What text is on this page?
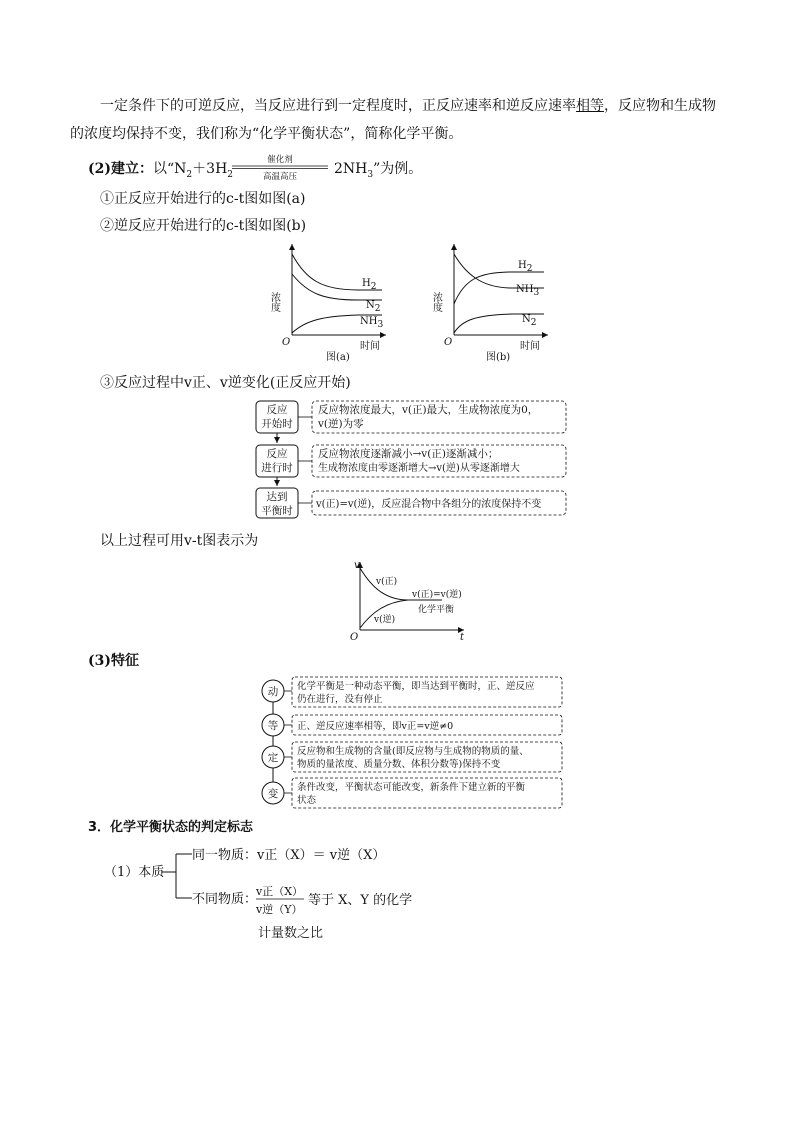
一定条件下的可逆反应，当反应进行到一定程度时，正反应速率和逆反应速率相等，反应物和生成物
的浓度均保持不变，我们称为“化学平衡状态”，简称化学平衡。
(2)建立：以“$N_2+3H_2$
催化剂
高温高压	$2NH_3$”为例。
①正反应开始进行的c-t图如图(a)
②逆反应开始进行的c-t图如图(b)
浓度
H2
N2
NH3
O	时间
图(a)
浓度
H2
NH3
N2
O	时间
图(b)
③反应过程中v正、v逆变化(正反应开始)
反应
开始时
反应
进行时
达到
平衡时
反应物浓度最大，v(正)最大，生成物浓度为0，
v(逆)为零
反应物浓度逐渐减小→v(正)逐渐减小；
生成物浓度由零逐渐增大→v(逆)从零逐渐增大
v(正)=v(逆)，反应混合物中各组分的浓度保持不变
以上过程可用v-t图表示为
v
O	t
v(正)
v(逆)
v(正)=v(逆)
化学平衡
(3)特征
动
等
定
变
化学平衡是一种动态平衡，即当达到平衡时，正、逆反应
仍在进行，没有停止
正、逆反应速率相等，即v正=v逆≠0
反应物和生成物的含量(即反应物与生成物的物质的量、
物质的量浓度、质量分数、体积分数等)保持不变
条件改变，平衡状态可能改变，新条件下建立新的平衡
状态
3．化学平衡状态的判定标志
（1）本质
同一物质：v正（X）＝ v逆（X）
不同物质：
v正（X）
v逆（Y）
等于 X、Y 的化学
计量数之比
